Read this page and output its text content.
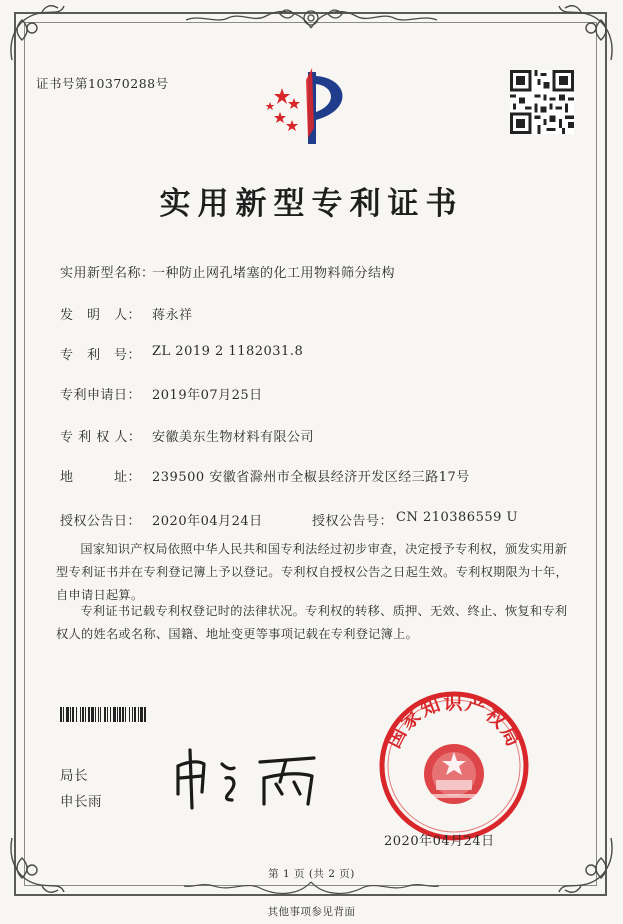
证书号第10370288号
实用新型专利证书
实用新型名称：
一种防止网孔堵塞的化工用物料筛分结构
发　明　人： 蒋永祥
专　利　号： ZL 2019 2 1182031.8
专利申请日： 2019年07月25日
专 利 权 人： 安徽美东生物材料有限公司
地　　　址： 239500 安徽省滁州市全椒县经济开发区经三路17号
授权公告日： 2020年04月24日	授权公告号： CN 210386559 U
国家知识产权局依照中华人民共和国专利法经过初步审查，决定授予专利权，颁发实用新型专利证书并在专利登记簿上予以登记。专利权自授权公告之日起生效。专利权期限为十年，自申请日起算。
专利证书记载专利权登记时的法律状况。专利权的转移、质押、无效、终止、恢复和专利权人的姓名或名称、国籍、地址变更等事项记载在专利登记簿上。
局长
申长雨
国家知识产权局
2020年04月24日
第 1 页 (共 2 页)
其他事项参见背面
